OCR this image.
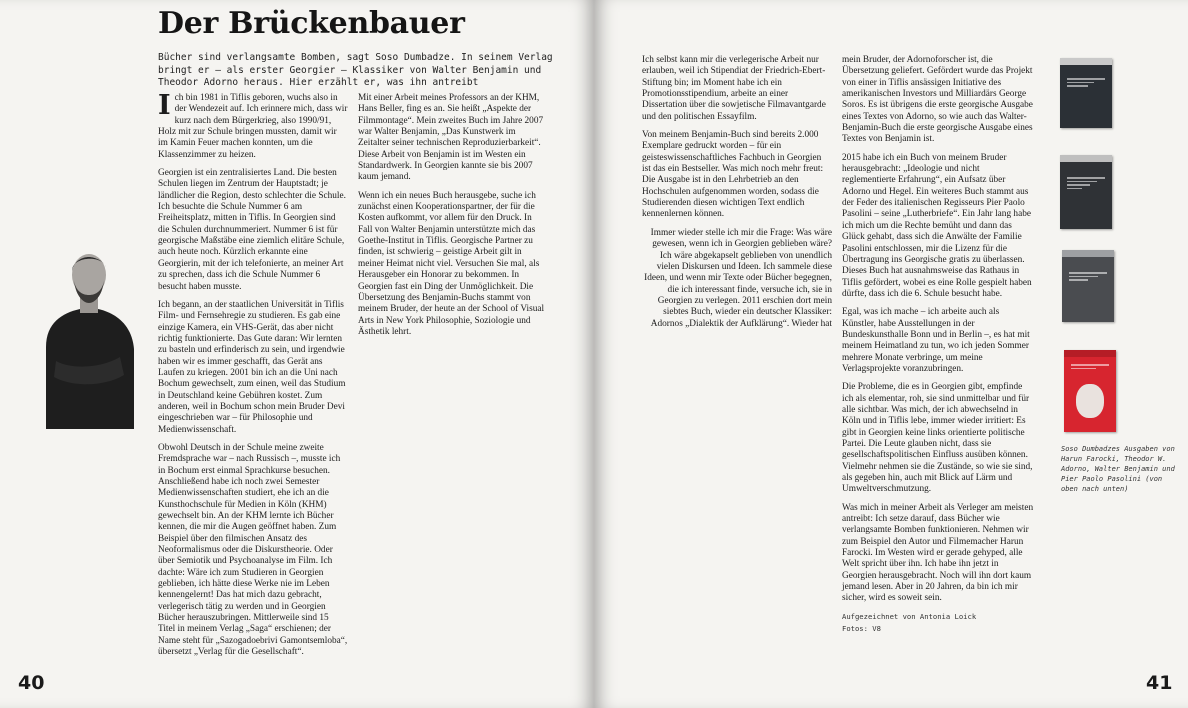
Der Brückenbauer

Bücher sind verlangsamte Bomben, sagt Soso Dumbadze. In seinem Verlag bringt er – als erster Georgier – Klassiker von Walter Benjamin und Theodor Adorno heraus. Hier erzählt er, was ihn antreibt

Ich bin 1981 in Tiflis geboren, wuchs also in der Wendezeit auf. Ich erinnere mich, dass wir kurz nach dem Bürgerkrieg, also 1990/91, Holz mit zur Schule bringen mussten, damit wir im Kamin Feuer machen konnten, um die Klassenzimmer zu heizen.

Georgien ist ein zentralisiertes Land. Die besten Schulen liegen im Zentrum der Hauptstadt; je ländlicher die Region, desto schlechter die Schule. Ich besuchte die Schule Nummer 6 am Freiheitsplatz, mitten in Tiflis. In Georgien sind die Schulen durchnummeriert. Nummer 6 ist für georgische Maßstäbe eine ziemlich elitäre Schule, auch heute noch. Kürzlich erkannte eine Georgierin, mit der ich telefonierte, an meiner Art zu sprechen, dass ich die Schule Nummer 6 besucht haben musste.

Ich begann, an der staatlichen Universität in Tiflis Film- und Fernsehregie zu studieren. Es gab eine einzige Kamera, ein VHS-Gerät, das aber nicht richtig funktionierte. Das Gute daran: Wir lernten zu basteln und erfinderisch zu sein, und irgendwie haben wir es immer geschafft, das Gerät ans Laufen zu kriegen. 2001 bin ich an die Uni nach Bochum gewechselt, zum einen, weil das Studium in Deutschland keine Gebühren kostet. Zum anderen, weil in Bochum schon mein Bruder Devi eingeschrieben war – für Philosophie und Medienwissenschaft.

Obwohl Deutsch in der Schule meine zweite Fremdsprache war – nach Russisch –, musste ich in Bochum erst einmal Sprachkurse besuchen. Anschließend habe ich noch zwei Semester Medienwissenschaften studiert, ehe ich an die Kunsthochschule für Medien in Köln (KHM) gewechselt bin. An der KHM lernte ich Bücher kennen, die mir die Augen geöffnet haben. Zum Beispiel über den filmischen Ansatz des Neoformalismus oder die Diskurstheorie. Oder über Semiotik und Psychoanalyse im Film. Ich dachte: Wäre ich zum Studieren in Georgien geblieben, ich hätte diese Werke nie im Leben kennengelernt! Das hat mich dazu gebracht, verlegerisch tätig zu werden und in Georgien Bücher herauszubringen. Mittlerweile sind 15 Titel in meinem Verlag „Saga“ erschienen; der Name steht für „Sazogadoebrivi Gamontsemloba“, übersetzt „Verlag für die Gesellschaft“.

Mit einer Arbeit meines Professors an der KHM, Hans Beller, fing es an. Sie heißt „Aspekte der Filmmontage“. Mein zweites Buch im Jahre 2007 war Walter Benjamin, „Das Kunstwerk im Zeitalter seiner technischen Reproduzierbarkeit“. Diese Arbeit von Benjamin ist im Westen ein Standardwerk. In Georgien kannte sie bis 2007 kaum jemand.

Wenn ich ein neues Buch herausgebe, suche ich zunächst einen Kooperationspartner, der für die Kosten aufkommt, vor allem für den Druck. In Fall von Walter Benjamin unterstützte mich das Goethe-Institut in Tiflis. Georgische Partner zu finden, ist schwierig – geistige Arbeit gilt in meiner Heimat nicht viel. Versuchen Sie mal, als Herausgeber ein Honorar zu bekommen. In Georgien fast ein Ding der Unmöglichkeit. Die Übersetzung des Benjamin-Buchs stammt von meinem Bruder, der heute an der School of Visual Arts in New York Philosophie, Soziologie und Ästhetik lehrt.

40

Ich selbst kann mir die verlegerische Arbeit nur erlauben, weil ich Stipendiat der Friedrich-Ebert-Stiftung bin; im Moment habe ich ein Promotionsstipendium, arbeite an einer Dissertation über die sowjetische Filmavantgarde und den politischen Essayfilm.

Von meinem Benjamin-Buch sind bereits 2.000 Exemplare gedruckt worden – für ein geisteswissenschaftliches Fachbuch in Georgien ist das ein Bestseller. Was mich noch mehr freut: Die Ausgabe ist in den Lehrbetrieb an den Hochschulen aufgenommen worden, sodass die Studierenden diesen wichtigen Text endlich kennenlernen können.

Immer wieder stelle ich mir die Frage: Was wäre gewesen, wenn ich in Georgien geblieben wäre? Ich wäre abgekapselt geblieben von unendlich vielen Diskursen und Ideen. Ich sammele diese Ideen, und wenn mir Texte oder Bücher begegnen, die ich interessant finde, versuche ich, sie in Georgien zu verlegen. 2011 erschien dort mein siebtes Buch, wieder ein deutscher Klassiker: Adornos „Dialektik der Aufklärung“. Wieder hat

mein Bruder, der Adornoforscher ist, die Übersetzung geliefert. Gefördert wurde das Projekt von einer in Tiflis ansässigen Initiative des amerikanischen Investors und Milliardärs George Soros. Es ist übrigens die erste georgische Ausgabe eines Textes von Adorno, so wie auch das Walter-Benjamin-Buch die erste georgische Ausgabe eines Textes von Benjamin ist.

2015 habe ich ein Buch von meinem Bruder herausgebracht: „Ideologie und nicht reglementierte Erfahrung“, ein Aufsatz über Adorno und Hegel. Ein weiteres Buch stammt aus der Feder des italienischen Regisseurs Pier Paolo Pasolini – seine „Lutherbriefe“. Ein Jahr lang habe ich mich um die Rechte bemüht und dann das Glück gehabt, dass sich die Anwälte der Familie Pasolini entschlossen, mir die Lizenz für die Übertragung ins Georgische gratis zu überlassen. Dieses Buch hat ausnahmsweise das Rathaus in Tiflis gefördert, wobei es eine Rolle gespielt haben dürfte, dass ich die 6. Schule besucht habe.

Egal, was ich mache – ich arbeite auch als Künstler, habe Ausstellungen in der Bundeskunsthalle Bonn und in Berlin –, es hat mit meinem Heimatland zu tun, wo ich jeden Sommer mehrere Monate verbringe, um meine Verlagsprojekte voranzubringen.

Die Probleme, die es in Georgien gibt, empfinde ich als elementar, roh, sie sind unmittelbar und für alle sichtbar. Was mich, der ich abwechselnd in Köln und in Tiflis lebe, immer wieder irritiert: Es gibt in Georgien keine links orientierte politische Partei. Die Leute glauben nicht, dass sie gesellschaftspolitischen Einfluss ausüben können. Vielmehr nehmen sie die Zustände, so wie sie sind, als gegeben hin, auch mit Blick auf Lärm und Umweltverschmutzung.

Was mich in meiner Arbeit als Verleger am meisten antreibt: Ich setze darauf, dass Bücher wie verlangsamte Bomben funktionieren. Nehmen wir zum Beispiel den Autor und Filmemacher Harun Farocki. Im Westen wird er gerade gehyped, alle Welt spricht über ihn. Ich habe ihn jetzt in Georgien herausgebracht. Noch will ihn dort kaum jemand lesen. Aber in 20 Jahren, da bin ich mir sicher, wird es soweit sein.

Aufgezeichnet von Antonia Loick
Fotos: V8

Soso Dumbadzes Ausgaben von Harun Farocki, Theodor W. Adorno, Walter Benjamin und Pier Paolo Pasolini (von oben nach unten)

41
